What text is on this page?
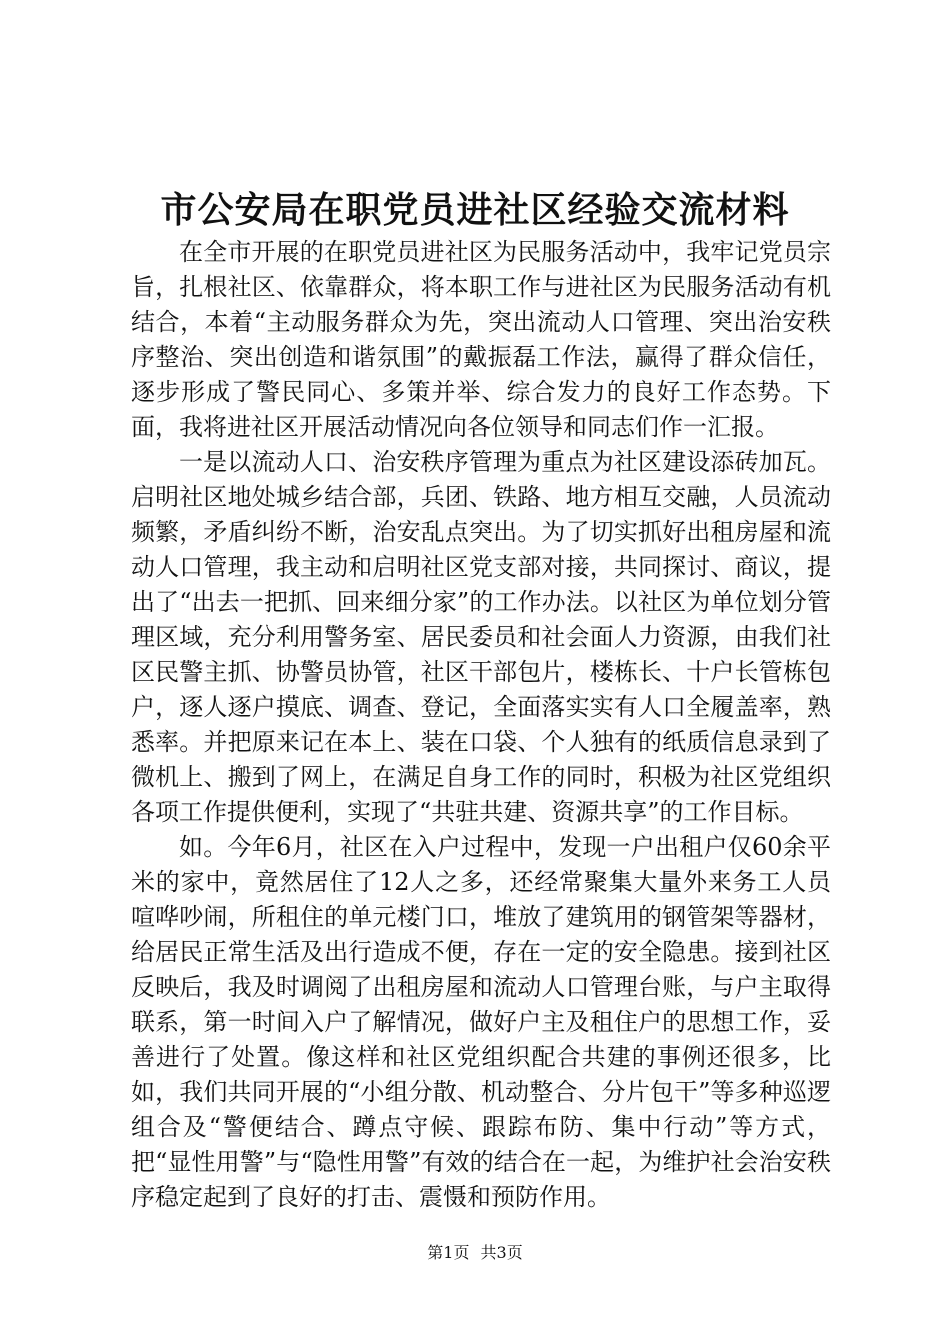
市公安局在职党员进社区经验交流材料

在全市开展的在职党员进社区为民服务活动中，我牢记党员宗旨，扎根社区、依靠群众，将本职工作与进社区为民服务活动有机结合，本着“主动服务群众为先，突出流动人口管理、突出治安秩序整治、突出创造和谐氛围”的戴振磊工作法，赢得了群众信任，逐步形成了警民同心、多策并举、综合发力的良好工作态势。下面，我将进社区开展活动情况向各位领导和同志们作一汇报。

一是以流动人口、治安秩序管理为重点为社区建设添砖加瓦。启明社区地处城乡结合部，兵团、铁路、地方相互交融，人员流动频繁，矛盾纠纷不断，治安乱点突出。为了切实抓好出租房屋和流动人口管理，我主动和启明社区党支部对接，共同探讨、商议，提出了“出去一把抓、回来细分家”的工作办法。以社区为单位划分管理区域，充分利用警务室、居民委员和社会面人力资源，由我们社区民警主抓、协警员协管，社区干部包片，楼栋长、十户长管栋包户，逐人逐户摸底、调查、登记，全面落实实有人口全履盖率，熟悉率。并把原来记在本上、装在口袋、个人独有的纸质信息录到了微机上、搬到了网上，在满足自身工作的同时，积极为社区党组织各项工作提供便利，实现了“共驻共建、资源共享”的工作目标。

如。今年6月，社区在入户过程中，发现一户出租户仅60余平米的家中，竟然居住了12人之多，还经常聚集大量外来务工人员喧哗吵闹，所租住的单元楼门口，堆放了建筑用的钢管架等器材，给居民正常生活及出行造成不便，存在一定的安全隐患。接到社区反映后，我及时调阅了出租房屋和流动人口管理台账，与户主取得联系，第一时间入户了解情况，做好户主及租住户的思想工作，妥善进行了处置。像这样和社区党组织配合共建的事例还很多，比如，我们共同开展的“小组分散、机动整合、分片包干”等多种巡逻组合及“警便结合、蹲点守候、跟踪布防、集中行动”等方式，把“显性用警”与“隐性用警”有效的结合在一起，为维护社会治安秩序稳定起到了良好的打击、震慑和预防作用。

第1页 共3页
